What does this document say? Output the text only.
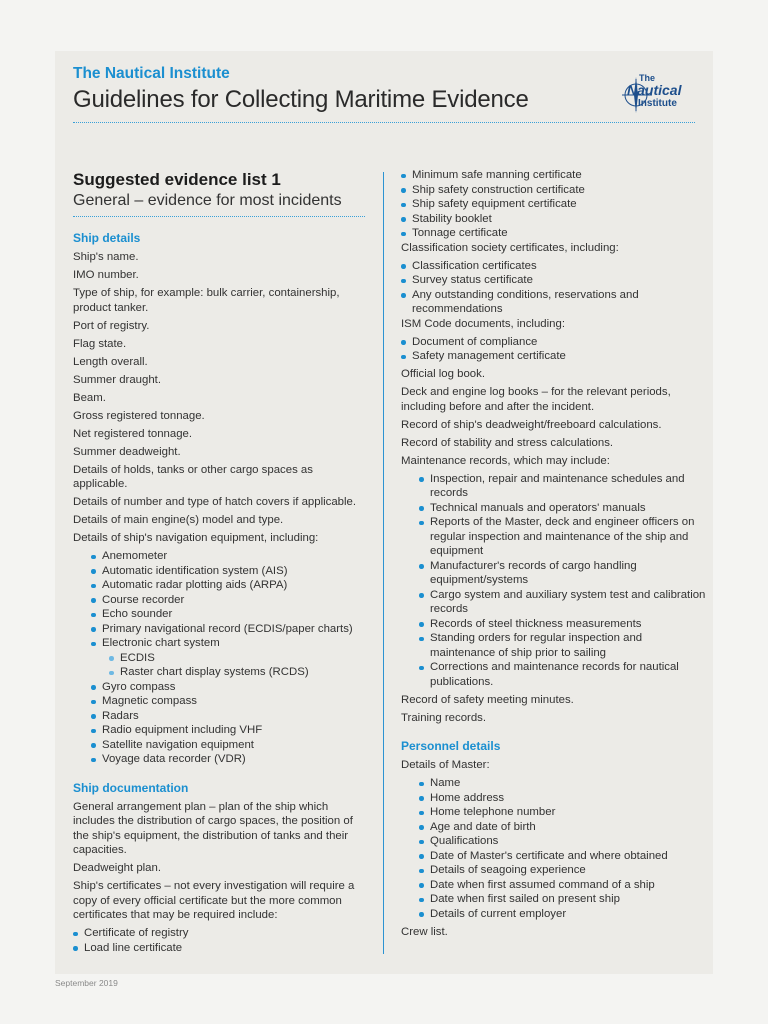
The Nautical Institute
Guidelines for Collecting Maritime Evidence
The
Nautical
Institute
Suggested evidence list 1
General – evidence for most incidents
Ship details

Ship's name.

IMO number.

Type of ship, for example: bulk carrier, containership, product tanker.

Port of registry.

Flag state.

Length overall.

Summer draught.

Beam.

Gross registered tonnage.

Net registered tonnage.

Summer deadweight.

Details of holds, tanks or other cargo spaces as applicable.

Details of number and type of hatch covers if applicable.

Details of main engine(s) model and type.

Details of ship's navigation equipment, including:

Anemometer
Automatic identification system (AIS)
Automatic radar plotting aids (ARPA)
Course recorder
Echo sounder
Primary navigational record (ECDIS/paper charts)
Electronic chart system
ECDIS
Raster chart display systems (RCDS)
Gyro compass
Magnetic compass
Radars
Radio equipment including VHF
Satellite navigation equipment
Voyage data recorder (VDR)
Ship documentation

General arrangement plan – plan of the ship which includes the distribution of cargo spaces, the position of the ship's equipment, the distribution of tanks and their capacities.

Deadweight plan.

Ship's certificates – not every investigation will require a copy of every official certificate but the more common certificates that may be required include:

Certificate of registry
Load line certificate
Minimum safe manning certificate
Ship safety construction certificate
Ship safety equipment certificate
Stability booklet
Tonnage certificate

Classification society certificates, including:

Classification certificates
Survey status certificate
Any outstanding conditions, reservations and recommendations

ISM Code documents, including:

Document of compliance
Safety management certificate

Official log book.

Deck and engine log books – for the relevant periods, including before and after the incident.

Record of ship's deadweight/freeboard calculations.

Record of stability and stress calculations.

Maintenance records, which may include:

Inspection, repair and maintenance schedules and records
Technical manuals and operators' manuals
Reports of the Master, deck and engineer officers on regular inspection and maintenance of the ship and equipment
Manufacturer's records of cargo handling equipment/systems
Cargo system and auxiliary system test and calibration records
Records of steel thickness measurements
Standing orders for regular inspection and maintenance of ship prior to sailing
Corrections and maintenance records for nautical publications.

Record of safety meeting minutes.

Training records.

Personnel details

Details of Master:

Name
Home address
Home telephone number
Age and date of birth
Qualifications
Date of Master's certificate and where obtained
Details of seagoing experience
Date when first assumed command of a ship
Date when first sailed on present ship
Details of current employer

Crew list.

September 2019
